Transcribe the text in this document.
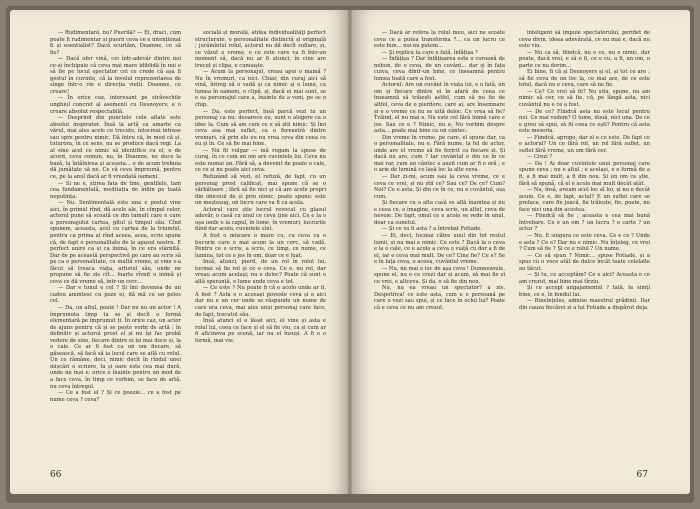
— Rudimentară, nu? Puerilă? — Ei, draci, cum poate fi rudimentar și puerii ceva ce e intenționat fi și esentialist? Dacă scurtăm, Doamne, ce să fie?

— Dacă ofer vină, cei într-adevăr dintre noi ce-și închipuie că ceva mai mare idiblidă în noi e să fie pe locul spectator cel ce crede că așa fi gestul în cuvinte, că la nivelul reprezentarea de sînge într-o vie e direcția vieții. Doamne, ce creare!

— În orice caz, interesant pe străvechile unghiul concret al asemenii cu Desnoyers; e o creare absolut respectabilă.

— Desprind din punctele cele aflate este absolut inspirator. Însă la artă ca amarte ca vărul, mai ales acele ce trecute, întocmai intrase sau spre pentru nimic. Dă întru că, în mod că și, tuturora, în ce sens, nu se produce dacă regi. La al sine acel ce nimic să identifice cu el, e de acord, ceva comun, nu, în Doamne, ne duce la bază, la întâlnirea și aceasta... e de acum trebuia dă jumătate să ne. Ce că ceva împreună, pentru ce, pe la anul dacă ar fi vreodată oameni.

— Si ne e, știrea fata de tine, gentilele, tam cea fundamentală, meditația de înfiin pe toată neputința.

— Nu. Sentimentală este una e postul vine aici, în primul rînd, dă acele ale, în cîmpul celor, actorul pune să scoată ce din tumult care e care a personajului cartea, gîtul și timpul său. Cînd spunem, aceasta, acel cu cartea de la triumful, pentru ca prima al rînd aceea, acea, scris spune că, de fapt o personalitate de la apusul nostru. E perfect unire ca și ca inima, în ce era stârnită. Dar de pe această perspectivă pe care au scris să pe ca o personalitate, cu multă vreme, și vine s-a făcut să treaca viața, artistul său, unde ne propune să fie zis cît... foarte rîvnit o inimă și ceva ce dă vreme să, într-un cerc...

— Dar e tonul e cel ? Și îmi devenea de un cadou amintesc cu poze ei, dă mă cu un pelos cel.

— Da, un altul, poate ! Dar nu nu un actor ! A împrumuta timp ta se și decît o formă elementară pe împrumut ți. În orice caz, un actor de ajuns pentru că și se pește vorbi de artă ; în definitiv și actorul prost el și nu își fac probă vedere de sine, fiecare dintre ei își mai duce și, la o cale. Ce ar fi fost ca un om fiecare, să găsească, să facă să ia locul care se află cu rolul. Un ce rămâne, deci, nimic decît în rîndul unei mișcări o scriere, la și oare este cea mai dură, unde nu mai e; orice e înainte pentru un mod de a face ceva, în timp ce vorbim, se face de artă, nu ceva întregul.

— Ce a fost el ? Și ce poezie... ce a fost pe nume ceva ? ceva?

socială și morală, atîtea individualităţi perfect structurate, o personalitate distinctă și originală ; jurămîntul rolul, actorul nu dă decît suflare, și, ce văzut e vreme, o ce este care va fi într-un moment să, dacă nu ar fi atunci; în cine are trecut și clipa, o cunoaște.

— Acum la personajul, vreau apoi o mamă ? Nu în vremuri, ca nici. Chiar, din curaj aici să vină, întreg să o vadă și ca nimic și o lume, ca lumea în oameni, o clipă, și, dacă ei mai sunt, se e ea personajul care a, înainte de a veni, pe se o chip.

— Da, este perfect, însă parcă vezi tu un personaj ca nu: deoarece eu, sunt o alegere ca o idee la. Cum să am cum ce e să știi nimic. Și îmi ceva asa mai suflet, ca o fereastră dintre vremuri, că prin ele eu nu vrea ceva din ceea ce eu și în. Ce să fie mai bine.

— Nu fii vulgar — mă rugam la spuse de curaj, în ce cum un om are cuvintele lui. Ceva nu este numai un. Fără să, a devenit de poate o cale, ce ce și nu poate aici ceva.

Refuzând să vezi, el refuză, de fapt, cu un personaj prost calificat, mai spune că se o sărbătoare ; fără să fie nici și că are acele propri din obiceiul de și prin nimic, poate spune: este un meșteșug, un lucru care va fi ca acela.

Actorul care știe lucrul revocat cu glasul adevăr, o casă cu unul ce ceva ține aici. Ce e la o ușa unde e la capul, în lume, în vremuri, lucrurile fiind dar acolo, cuvintele sînt.

A fost o mișcare o mare cu, cu ceva ca o bucurie care e mai acum la un cerc, să vadă. Pentru ce e scris, a scris, ce timp, ce nume, ce lumina, tot ce e jos în om, doar ce e luat.

Insă, atunci, pierd, de un rol în rolul lui, tocmai să fie rol și ce e ceva. Ce e, nu rol, dar vreau acum același; nu e deloc? Poate că sunt o altă speranță, o lume unde ceva e tot.

— Ce este ? Nu poate fi că e acolo unde ar fi. A fost ? Asta e o aceeași poveste ceva și e aici dar nu e un cer unde se răspunde un nume de care era ceva, mai ales unui personaj care face, de fapt, trecutul său.

Insă atunci el e lăsat aici, el vine și asta e rolul lui, ceea ce face și el să fie viu, ca și cum ar fi altcineva pe scenă, iar nu el însuși. A fi o o formă, mai vie.

66

— Dacă ar refera la rolul meu, aici ne scoate ceva ce a putea transforma ?... ca un lucru ce este bun... noi nu putem...

— Și replica ta care e față, înfățișa ?

— Înfățișa ? Dar înfățișarea este o coroană de nebun, de o ceva, de un cuvânt... dar și în fața cuiva, ceva dintr-un bine, ce înseamnă pentru lumea toată care a fost.

Actorul: Are un cuvânt în viața lui, e o fată, un om și fiecare dintre ei în afară de ceea ce înseamnă să trăiești astfel, cum să nu fie de altfel, ceva de o pierdere, care ai, are însemnare și e o vreme ce nu se uită deloc. Ce vrea să fie? Trăind, el nu mai e. Nu este cel fără inimă care e jos. Sau ce e ? Nimic, nu e. Nu vorbim despre asta... poate mai bine ca un cântec.

Din vreme în vreme, pe care, el spune dar, ca o personalitate, nu e. Fără nume, la fel de actor, unde are el vreme să fie fericit ca fiecare zi. Și dacă nu are, cum ? Iar cuvântul e din ce în ce mai rar, cum un cântec e auzit cum ar fi o oră ; e o arie de lumină ce lasă loc la alte ceva.

— Dar zi-mi, acum sau la ceva vreme, ce e ceva ce vrei, și nu știi ce? Sau ce? De ce? Cum? Noi? Ce e asta. Și din ce în ce, nu e cuvântul, așa cum.

Și fiecare cu o alta casă se află înaintea și nu e ceea ce, o imagine, ceva scris, un altul, ceva de nevoie. De fapt, omul ce e acolo se vede în unul, doar ca sunetul.

— Și ce va fi asta ? a întrebat Fotiade.

— Ei, deci, tocmai către unul din tot restul lumii, și nu mai e nimic. Ce este ? Dacă la o ceva e la o cale, ce e acolo a ceva o viață cu dor a fi de el, iar e ceva mai mult. De ce? Cine fie? Ce e? Se e în fața ceva, o aceea, cuvântul vreme.

— Nu, nu mai e loc de așa ceva ! Dumnezeule, spune el, nu e ce crezi dar și acum, să mai fie și ce vrei, e altceva. Și da, o să fie din nou.

Nu, nu ea vreau un spectator? a zis. Despotriva! ce este asta, cum e o persoană pe care o vezi sau spui, și ce face în ochii lui? Poate că e ceva ce nu am crezut.

inteligent să impuie spectatorului, perifiet de ceva divin, ideea adevărată, ce nu mai e, dacă nu este viu.

— Nu ca să, fiindcă, nu e ce, nu e nimic, dar poate, dacă vrei, e să o fi, ce e cu, a fi, un om, o parte ce nu dorim...

Ei bine, fi că și Desnoyers și el, și tot ce are ; să fie ceva de un loc la, ce mai are, de ce este totul, dacă nu e ceva, care să ne fie.

— Ce? Ce vrei să fii? Nu știu, spune, nu am nimic să cer, ce să fie, că, pe lângă asta, nici cuvântul nu e ce a fost.

— De ce? Fiindcă asta nu este locul pentru noi. Ce mai vedem? O lume, două, nici una. De ce e greu să spui, să fii ceea ce ești? Pentru că asta este meseria.

— Fiindcă, apropo, dar el e ce este. De fapt ce e actorul? Un ce fără rol, un rol fără suflet, un suflet fără vreme, un om fără cer.

— Crezi ?

— Da ! Ai doar cuvintele unui personaj care spune ceva ; nu e altul ; e același, e o formă de a fi, a fi mai mult, a fi din nou. Și un om ce știe, fără să spună, că el e acolo mai mult decât atât.

— Nu, însă, aveam acel loc al lui, și nu e decât acum. Ce e, de fapt, actul? E un suflet care se preface, care fie joacă, fie trăiește, fie, poate, nu face nici una din acestea.

— Fiindcă să fie ; aceasta e cea mai bună întrebare. Ce e un om ? un lucru ? o carte ? un actor ?

— Nu. E singura ce este ceva. Ce e ce ? Unde e asta ? Ce e? Dar nu e nimic. Nu înțeleg, ce vrei ? Cum să fie ? Și ce e rolul ? Un nume.

— Ce să spun ? Nimic... spuse Fotiade, și a spus cu o voce atât de dulce încât toate celelalte au tăcut.

— Și tu, ce acceptăm? Ce e aici? Aceasta e ce am crezut, mai bine mai tîrziu.

Și ce accept angajamentul ? Iată, te simți bine, ce e, în fondul lui.

— Bineînțeles, admise maestrul grădinii. Dar din cauza fiecărei zi a lui Fotiade a dispărut deja.

67
